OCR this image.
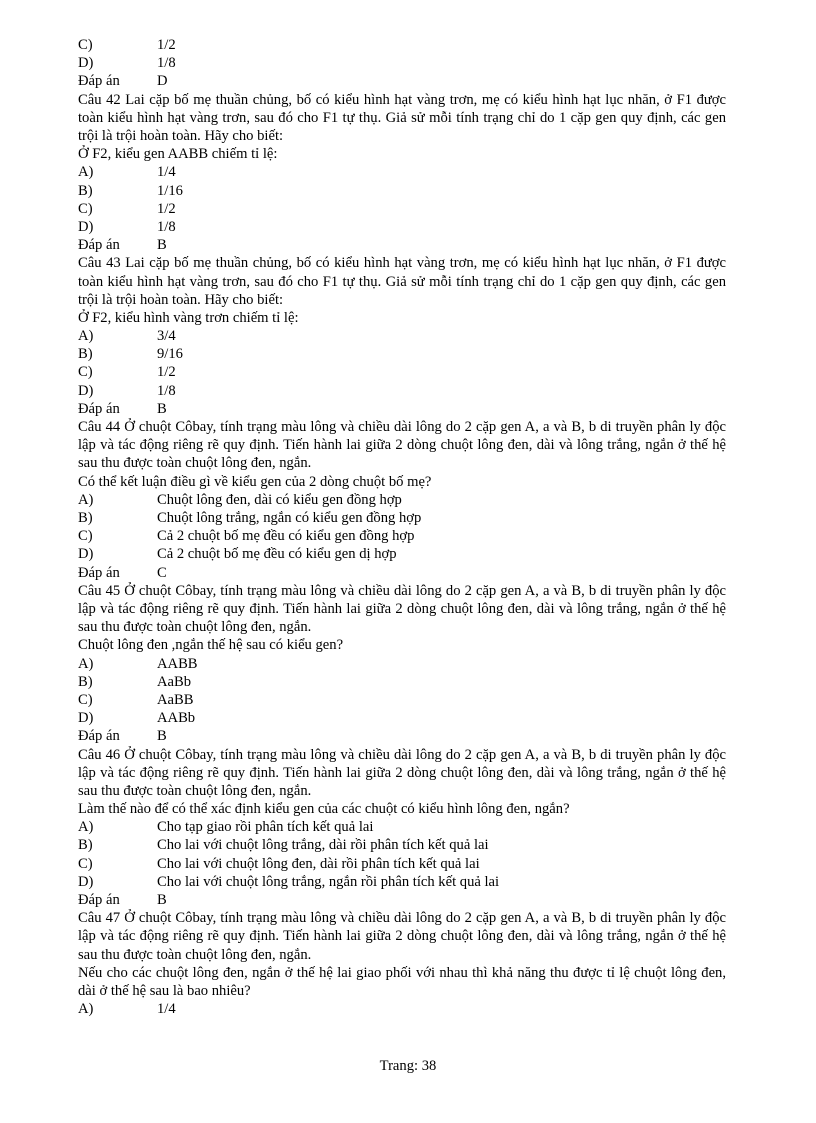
C)	1/2
D)	1/8
Đáp án	D
Câu 42 Lai cặp bố mẹ thuần chủng, bố có kiểu hình hạt vàng trơn, mẹ có kiểu hình hạt lục nhăn, ở F1 được toàn kiểu hình hạt vàng trơn, sau đó cho F1 tự thụ. Giả sử mỗi tính trạng chỉ do 1 cặp gen quy định, các gen trội là trội hoàn toàn. Hãy cho biết:
Ở F2, kiểu gen AABB chiếm tỉ lệ:
A)	1/4
B)	1/16
C)	1/2
D)	1/8
Đáp án	B
Câu 43 Lai cặp bố mẹ thuần chủng, bố có kiểu hình hạt vàng trơn, mẹ có kiểu hình hạt lục nhăn, ở F1 được toàn kiểu hình hạt vàng trơn, sau đó cho F1 tự thụ. Giả sử mỗi tính trạng chỉ do 1 cặp gen quy định, các gen trội là trội hoàn toàn. Hãy cho biết:
Ở F2, kiểu hình vàng trơn chiếm tỉ lệ:
A)	3/4
B)	9/16
C)	1/2
D)	1/8
Đáp án	B
Câu 44 Ở chuột Côbay, tính trạng màu lông và chiều dài lông do 2 cặp gen A, a và B, b di truyền phân ly độc lập và tác động riêng rẽ quy định. Tiến hành lai giữa 2 dòng chuột lông đen, dài và lông trắng, ngắn ở thế hệ sau thu được toàn chuột lông đen, ngắn.
Có thể kết luận điều gì về kiểu gen của 2 dòng chuột bố mẹ?
A)	Chuột lông đen, dài có kiểu gen đồng hợp
B)	Chuột lông trắng, ngắn có kiểu gen đồng hợp
C)	Cả 2 chuột bố mẹ đều có kiểu gen đồng hợp
D)	Cả 2 chuột bố mẹ đều có kiểu gen dị hợp
Đáp án	C
Câu 45 Ở chuột Côbay, tính trạng màu lông và chiều dài lông do 2 cặp gen A, a và B, b di truyền phân ly độc lập và tác động riêng rẽ quy định. Tiến hành lai giữa 2 dòng chuột lông đen, dài và lông trắng, ngắn ở thế hệ sau thu được toàn chuột lông đen, ngắn.
Chuột lông đen ,ngắn thế hệ sau có kiểu gen?
A)	AABB
B)	AaBb
C)	AaBB
D)	AABb
Đáp án	B
Câu 46 Ở chuột Côbay, tính trạng màu lông và chiều dài lông do 2 cặp gen A, a và B, b di truyền phân ly độc lập và tác động riêng rẽ quy định. Tiến hành lai giữa 2 dòng chuột lông đen, dài và lông trắng, ngắn ở thế hệ sau thu được toàn chuột lông đen, ngắn.
Làm thế nào để có thể xác định kiểu gen của các chuột có kiểu hình lông đen, ngắn?
A)	Cho tạp giao rồi phân tích kết quả lai
B)	Cho lai với chuột lông trắng, dài rồi phân tích kết quả lai
C)	Cho lai với chuột lông đen, dài rồi phân tích kết quả lai
D)	Cho lai với chuột lông trắng, ngắn rồi phân tích kết quả lai
Đáp án	B
Câu 47 Ở chuột Côbay, tính trạng màu lông và chiều dài lông do 2 cặp gen A, a và B, b di truyền phân ly độc lập và tác động riêng rẽ quy định. Tiến hành lai giữa 2 dòng chuột lông đen, dài và lông trắng, ngắn ở thế hệ sau thu được toàn chuột lông đen, ngắn.
Nếu cho các chuột lông đen, ngắn ở thế hệ lai giao phối với nhau thì khả năng thu được tỉ lệ chuột lông đen, dài ở thế hệ sau là bao nhiêu?
A)	1/4
Trang: 38
